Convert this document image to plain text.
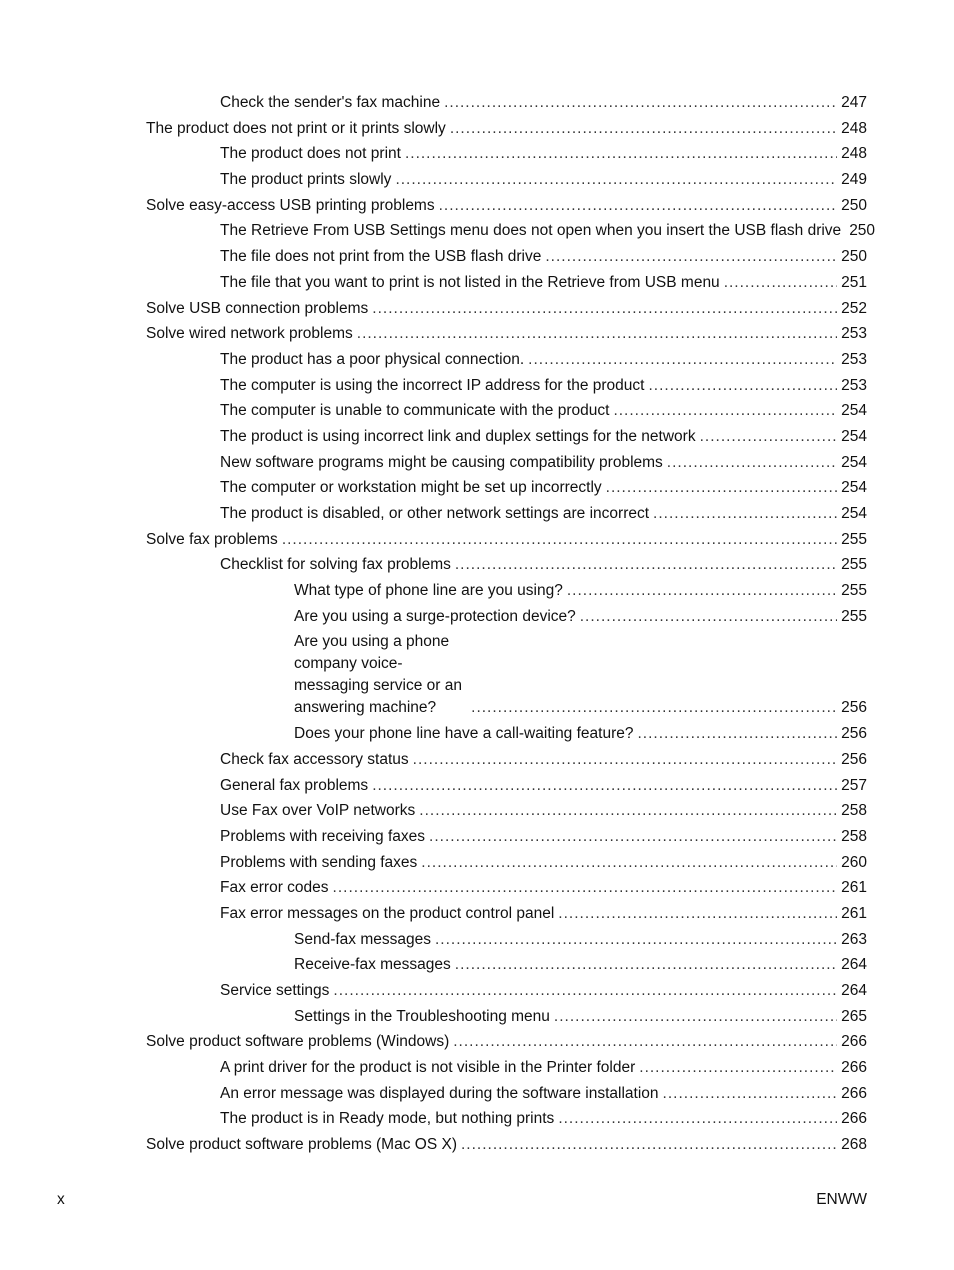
Check the sender's fax machine .....	247
The product does not print or it prints slowly .....	248
The product does not print .....	248
The product prints slowly .....	249
Solve easy-access USB printing problems .....	250
The Retrieve From USB Settings menu does not open when you insert the USB flash drive 250
The file does not print from the USB flash drive .....	250
The file that you want to print is not listed in the Retrieve from USB menu .....	251
Solve USB connection problems .....	252
Solve wired network problems .....	253
The product has a poor physical connection. .....	253
The computer is using the incorrect IP address for the product .....	253
The computer is unable to communicate with the product .....	254
The product is using incorrect link and duplex settings for the network .....	254
New software programs might be causing compatibility problems .....	254
The computer or workstation might be set up incorrectly .....	254
The product is disabled, or other network settings are incorrect .....	254
Solve fax problems .....	255
Checklist for solving fax problems .....	255
What type of phone line are you using? .....	255
Are you using a surge-protection device? .....	255
Are you using a phone company voice-messaging service or an answering machine? .....	256
Does your phone line have a call-waiting feature? .....	256
Check fax accessory status .....	256
General fax problems .....	257
Use Fax over VoIP networks .....	258
Problems with receiving faxes .....	258
Problems with sending faxes .....	260
Fax error codes .....	261
Fax error messages on the product control panel .....	261
Send-fax messages .....	263
Receive-fax messages .....	264
Service settings .....	264
Settings in the Troubleshooting menu .....	265
Solve product software problems (Windows) .....	266
A print driver for the product is not visible in the Printer folder .....	266
An error message was displayed during the software installation .....	266
The product is in Ready mode, but nothing prints .....	266
Solve product software problems (Mac OS X) .....	268
x	ENWW
